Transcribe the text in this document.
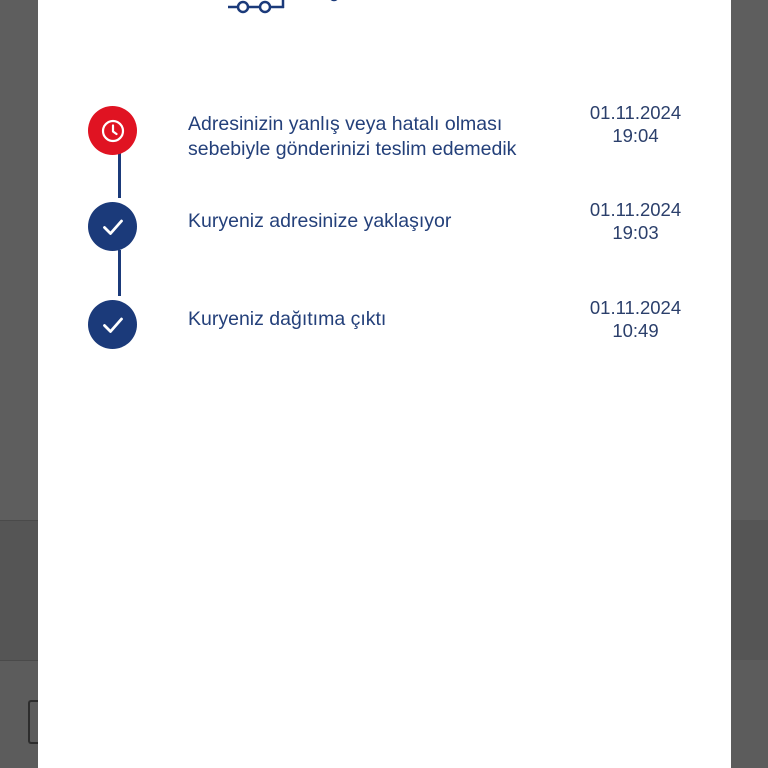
Adresinizin yanlış veya hatalı olması sebebiyle gönderinizi teslim edemedik
01.11.2024
19:04
Kuryeniz adresinize yaklaşıyor
01.11.2024
19:03
Kuryeniz dağıtıma çıktı
01.11.2024
10:49
